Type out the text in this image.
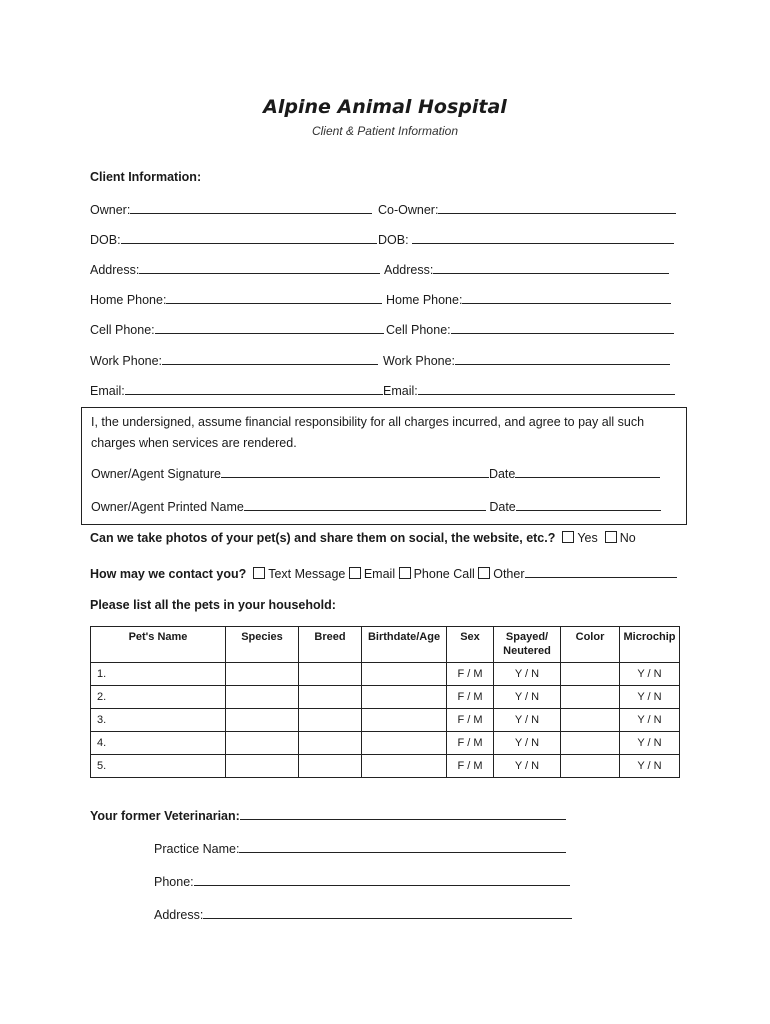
Alpine Animal Hospital
Client & Patient Information
Client Information:
Owner:	Co-Owner:
DOB:	DOB:
Address:	Address:
Home Phone:	Home Phone:
Cell Phone:	Cell Phone:
Work Phone:	Work Phone:
Email:	Email:
I, the undersigned, assume financial responsibility for all charges incurred, and agree to pay all such charges when services are rendered.
Owner/Agent Signature	Date
Owner/Agent Printed Name	Date
Can we take photos of your pet(s) and share them on social, the website, etc.? Yes No
How may we contact you? Text Message Email Phone Call Other
Please list all the pets in your household:
Pet's Name	Species	Breed	Birthdate/Age	Sex	Spayed/ Neutered	Color	Microchip
1.				F / M	Y / N		Y / N
2.				F / M	Y / N		Y / N
3.				F / M	Y / N		Y / N
4.				F / M	Y / N		Y / N
5.				F / M	Y / N		Y / N
Your former Veterinarian:
Practice Name:
Phone:
Address:
